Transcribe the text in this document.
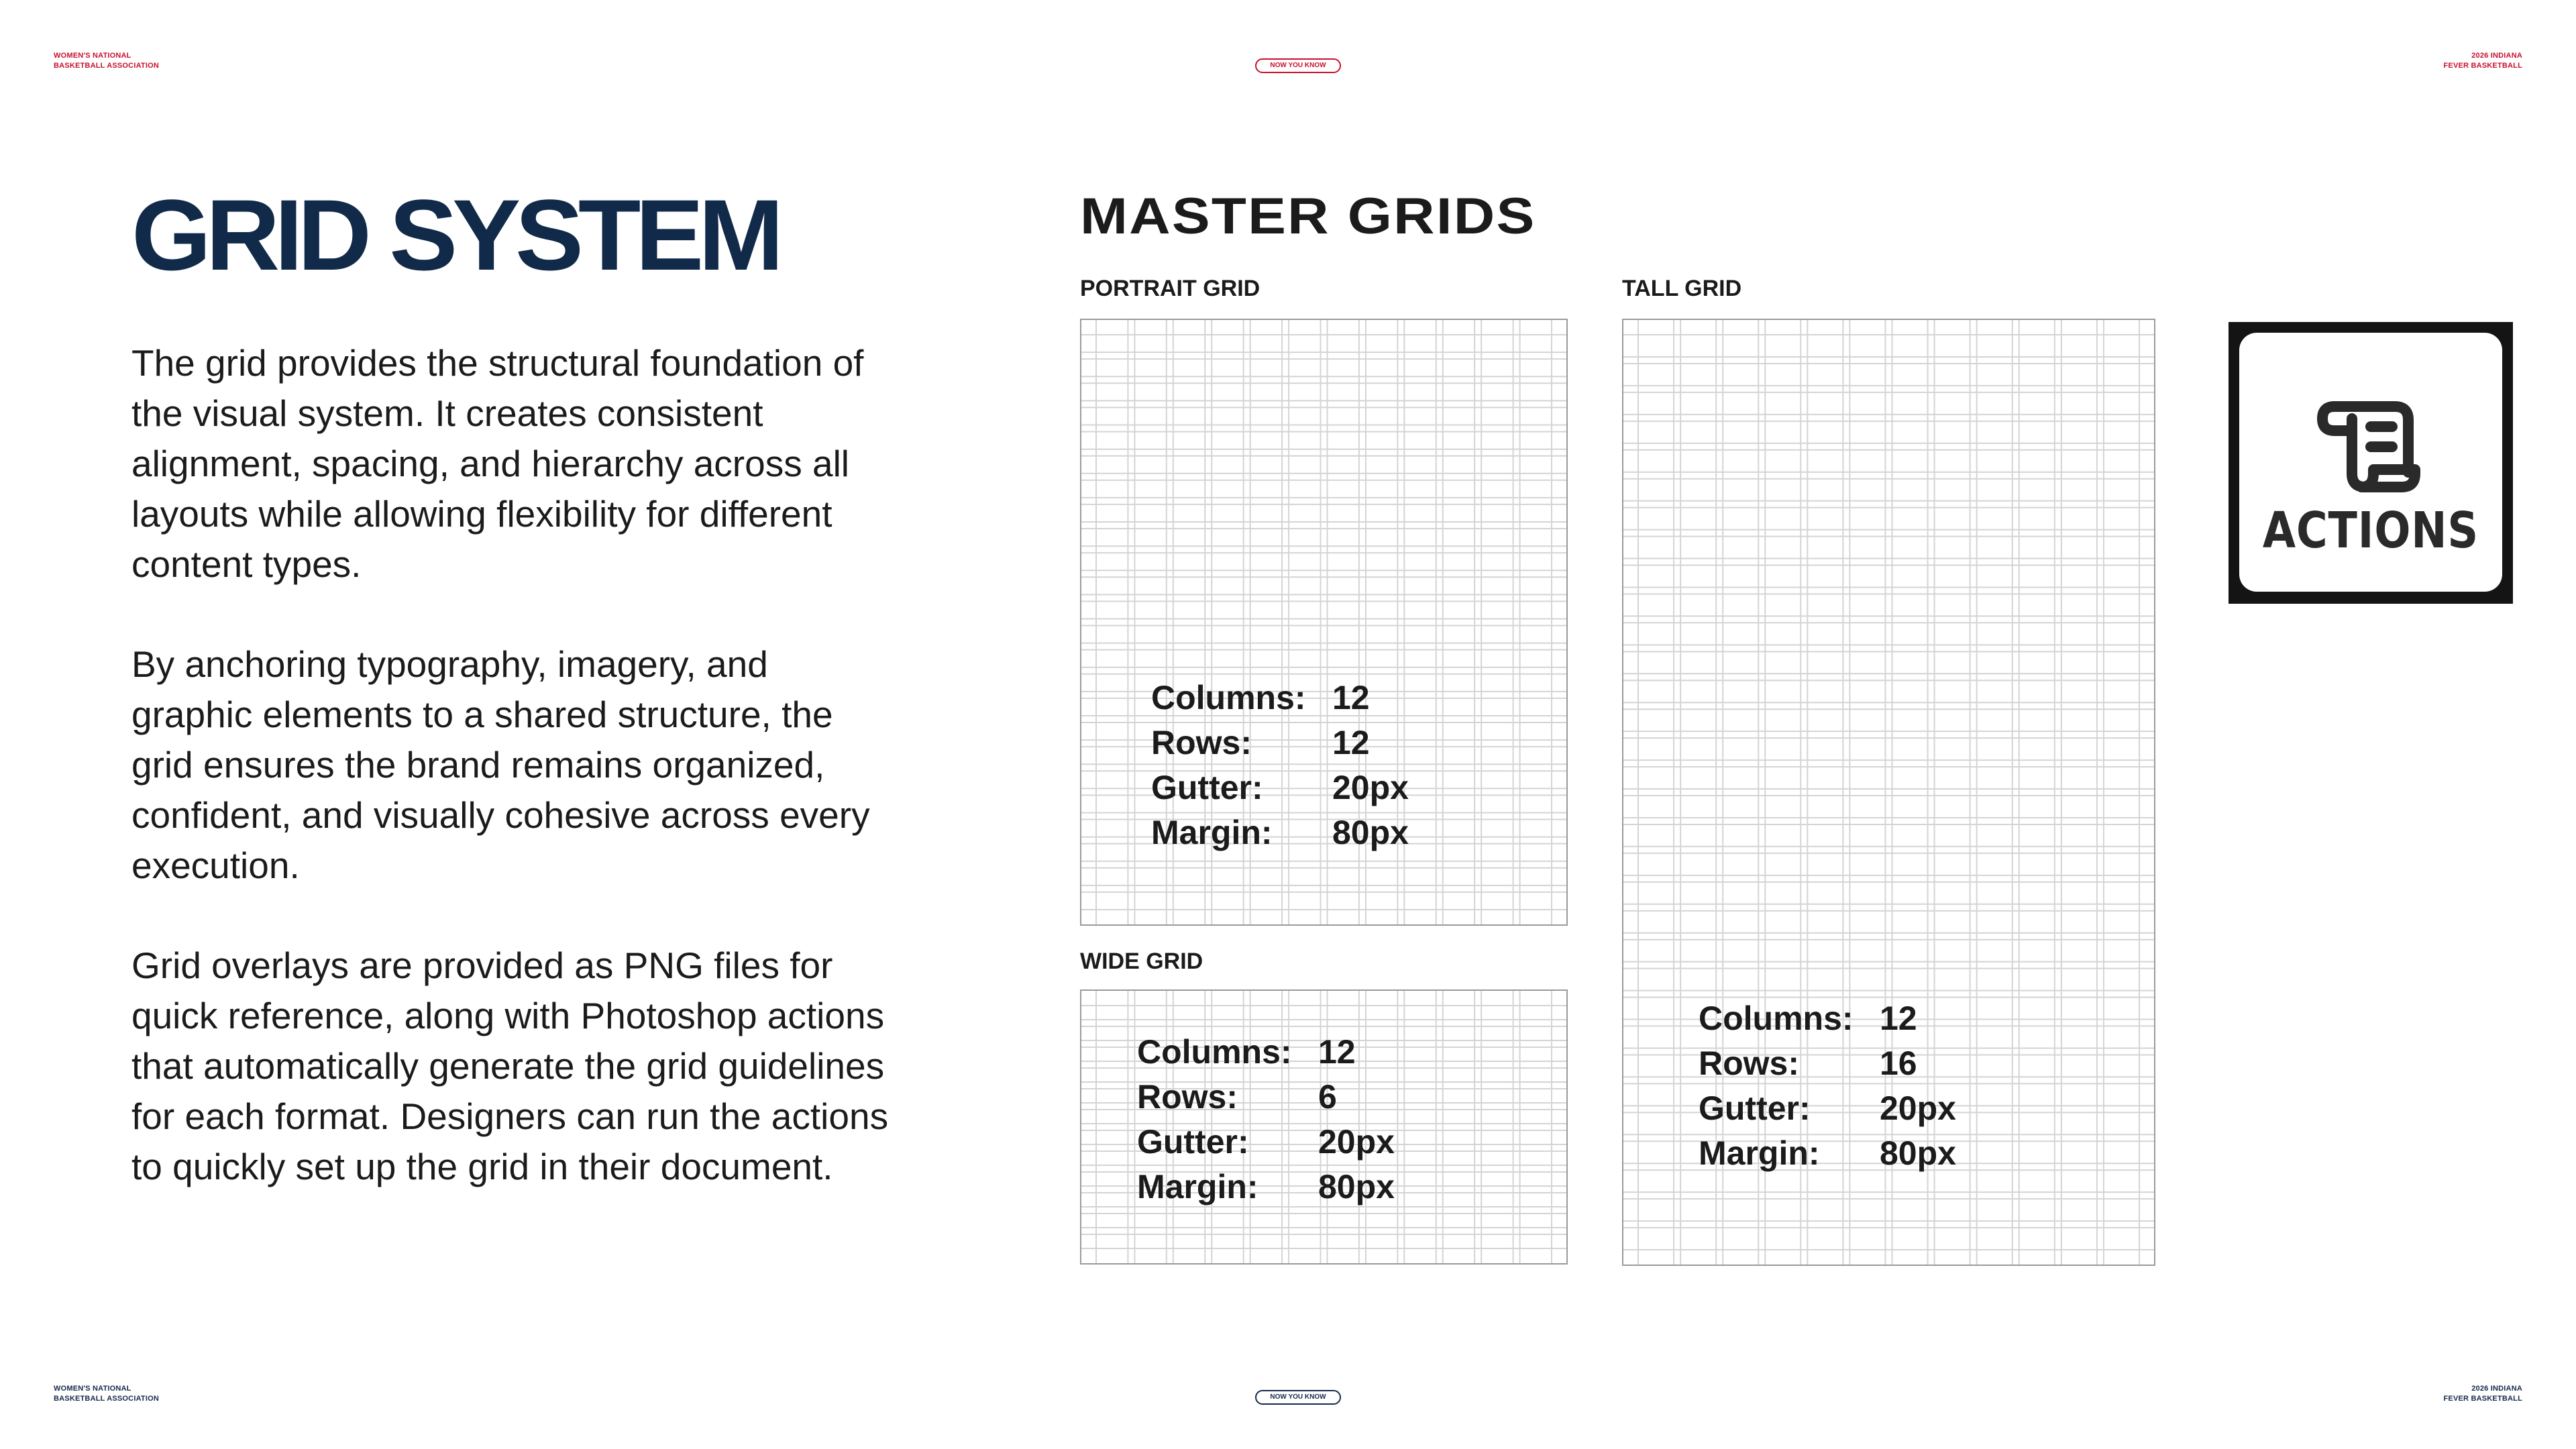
WOMEN'S NATIONAL
BASKETBALL ASSOCIATION	NOW YOU KNOW
2026 INDIANA
FEVER BASKETBALL
GRID SYSTEM

The grid provides the structural foundation of the visual system. It creates consistent alignment, spacing, and hierarchy across all layouts while allowing flexibility for different content types.

By anchoring typography, imagery, and graphic elements to a shared structure, the grid ensures the brand remains organized, confident, and visually cohesive across every execution.

Grid overlays are provided as PNG files for quick reference, along with Photoshop actions that automatically generate the grid guidelines for each format. Designers can run the actions to quickly set up the grid in their document.

MASTER GRIDS
PORTRAIT GRID
Columns: 12
Rows:	12
Gutter:	20px
Margin:	80px
WIDE GRID
Columns: 12
Rows:	6
Gutter:	20px
Margin:	80px
TALL GRID
Columns: 12
Rows:	16
Gutter:	20px
Margin:	80px
ACTIONS
WOMEN'S NATIONAL
BASKETBALL ASSOCIATION	NOW YOU KNOW
2026 INDIANA
FEVER BASKETBALL
